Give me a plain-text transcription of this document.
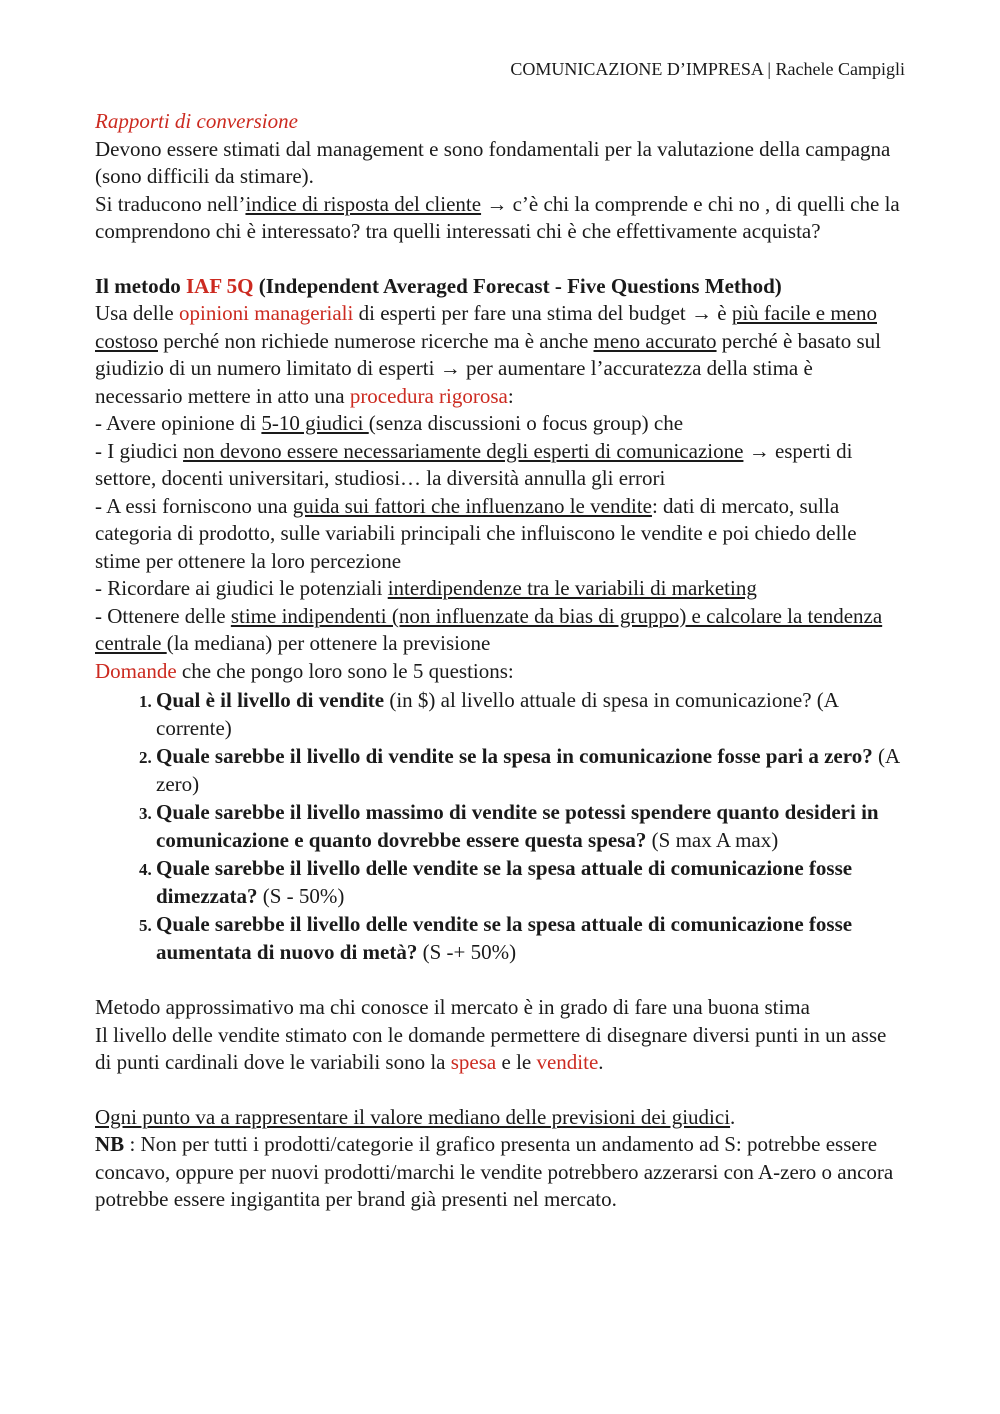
COMUNICAZIONE D’IMPRESA | Rachele Campigli

Rapporti di conversione

Devono essere stimati dal management e sono fondamentali per la valutazione della campagna (sono difficili da stimare).

Si traducono nell’indice di risposta del cliente → c’è chi la comprende e chi no , di quelli che la comprendono chi è interessato? tra quelli interessati chi è che effettivamente acquista?

Il metodo IAF 5Q (Independent Averaged Forecast - Five Questions Method)

Usa delle opinioni manageriali di esperti per fare una stima del budget → è più facile e meno costoso perché non richiede numerose ricerche ma è anche meno accurato perché è basato sul giudizio di un numero limitato di esperti → per aumentare l’accuratezza della stima è necessario mettere in atto una procedura rigorosa:

- Avere opinione di 5-10 giudici (senza discussioni o focus group) che

- I giudici non devono essere necessariamente degli esperti di comunicazione → esperti di settore, docenti universitari, studiosi… la diversità annulla gli errori

- A essi forniscono una guida sui fattori che influenzano le vendite: dati di mercato, sulla categoria di prodotto, sulle variabili principali che influiscono le vendite e poi chiedo delle stime per ottenere la loro percezione

- Ricordare ai giudici le potenziali interdipendenze tra le variabili di marketing

- Ottenere delle stime indipendenti (non influenzate da bias di gruppo) e calcolare la tendenza centrale (la mediana) per ottenere la previsione

Domande che che pongo loro sono le 5 questions:

1. Qual è il livello di vendite (in $) al livello attuale di spesa in comunicazione? (A corrente)
2. Quale sarebbe il livello di vendite se la spesa in comunicazione fosse pari a zero? (A zero)
3. Quale sarebbe il livello massimo di vendite se potessi spendere quanto desideri in comunicazione e quanto dovrebbe essere questa spesa? (S max A max)
4. Quale sarebbe il livello delle vendite se la spesa attuale di comunicazione fosse dimezzata? (S - 50%)
5. Quale sarebbe il livello delle vendite se la spesa attuale di comunicazione fosse aumentata di nuovo di metà? (S -+ 50%)

Metodo approssimativo ma chi conosce il mercato è in grado di fare una buona stima

Il livello delle vendite stimato con le domande permettere di disegnare diversi punti in un asse di punti cardinali dove le variabili sono la spesa e le vendite.

Ogni punto va a rappresentare il valore mediano delle previsioni dei giudici.

NB : Non per tutti i prodotti/categorie il grafico presenta un andamento ad S: potrebbe essere concavo, oppure per nuovi prodotti/marchi le vendite potrebbero azzerarsi con A-zero o ancora potrebbe essere ingigantita per brand già presenti nel mercato.
